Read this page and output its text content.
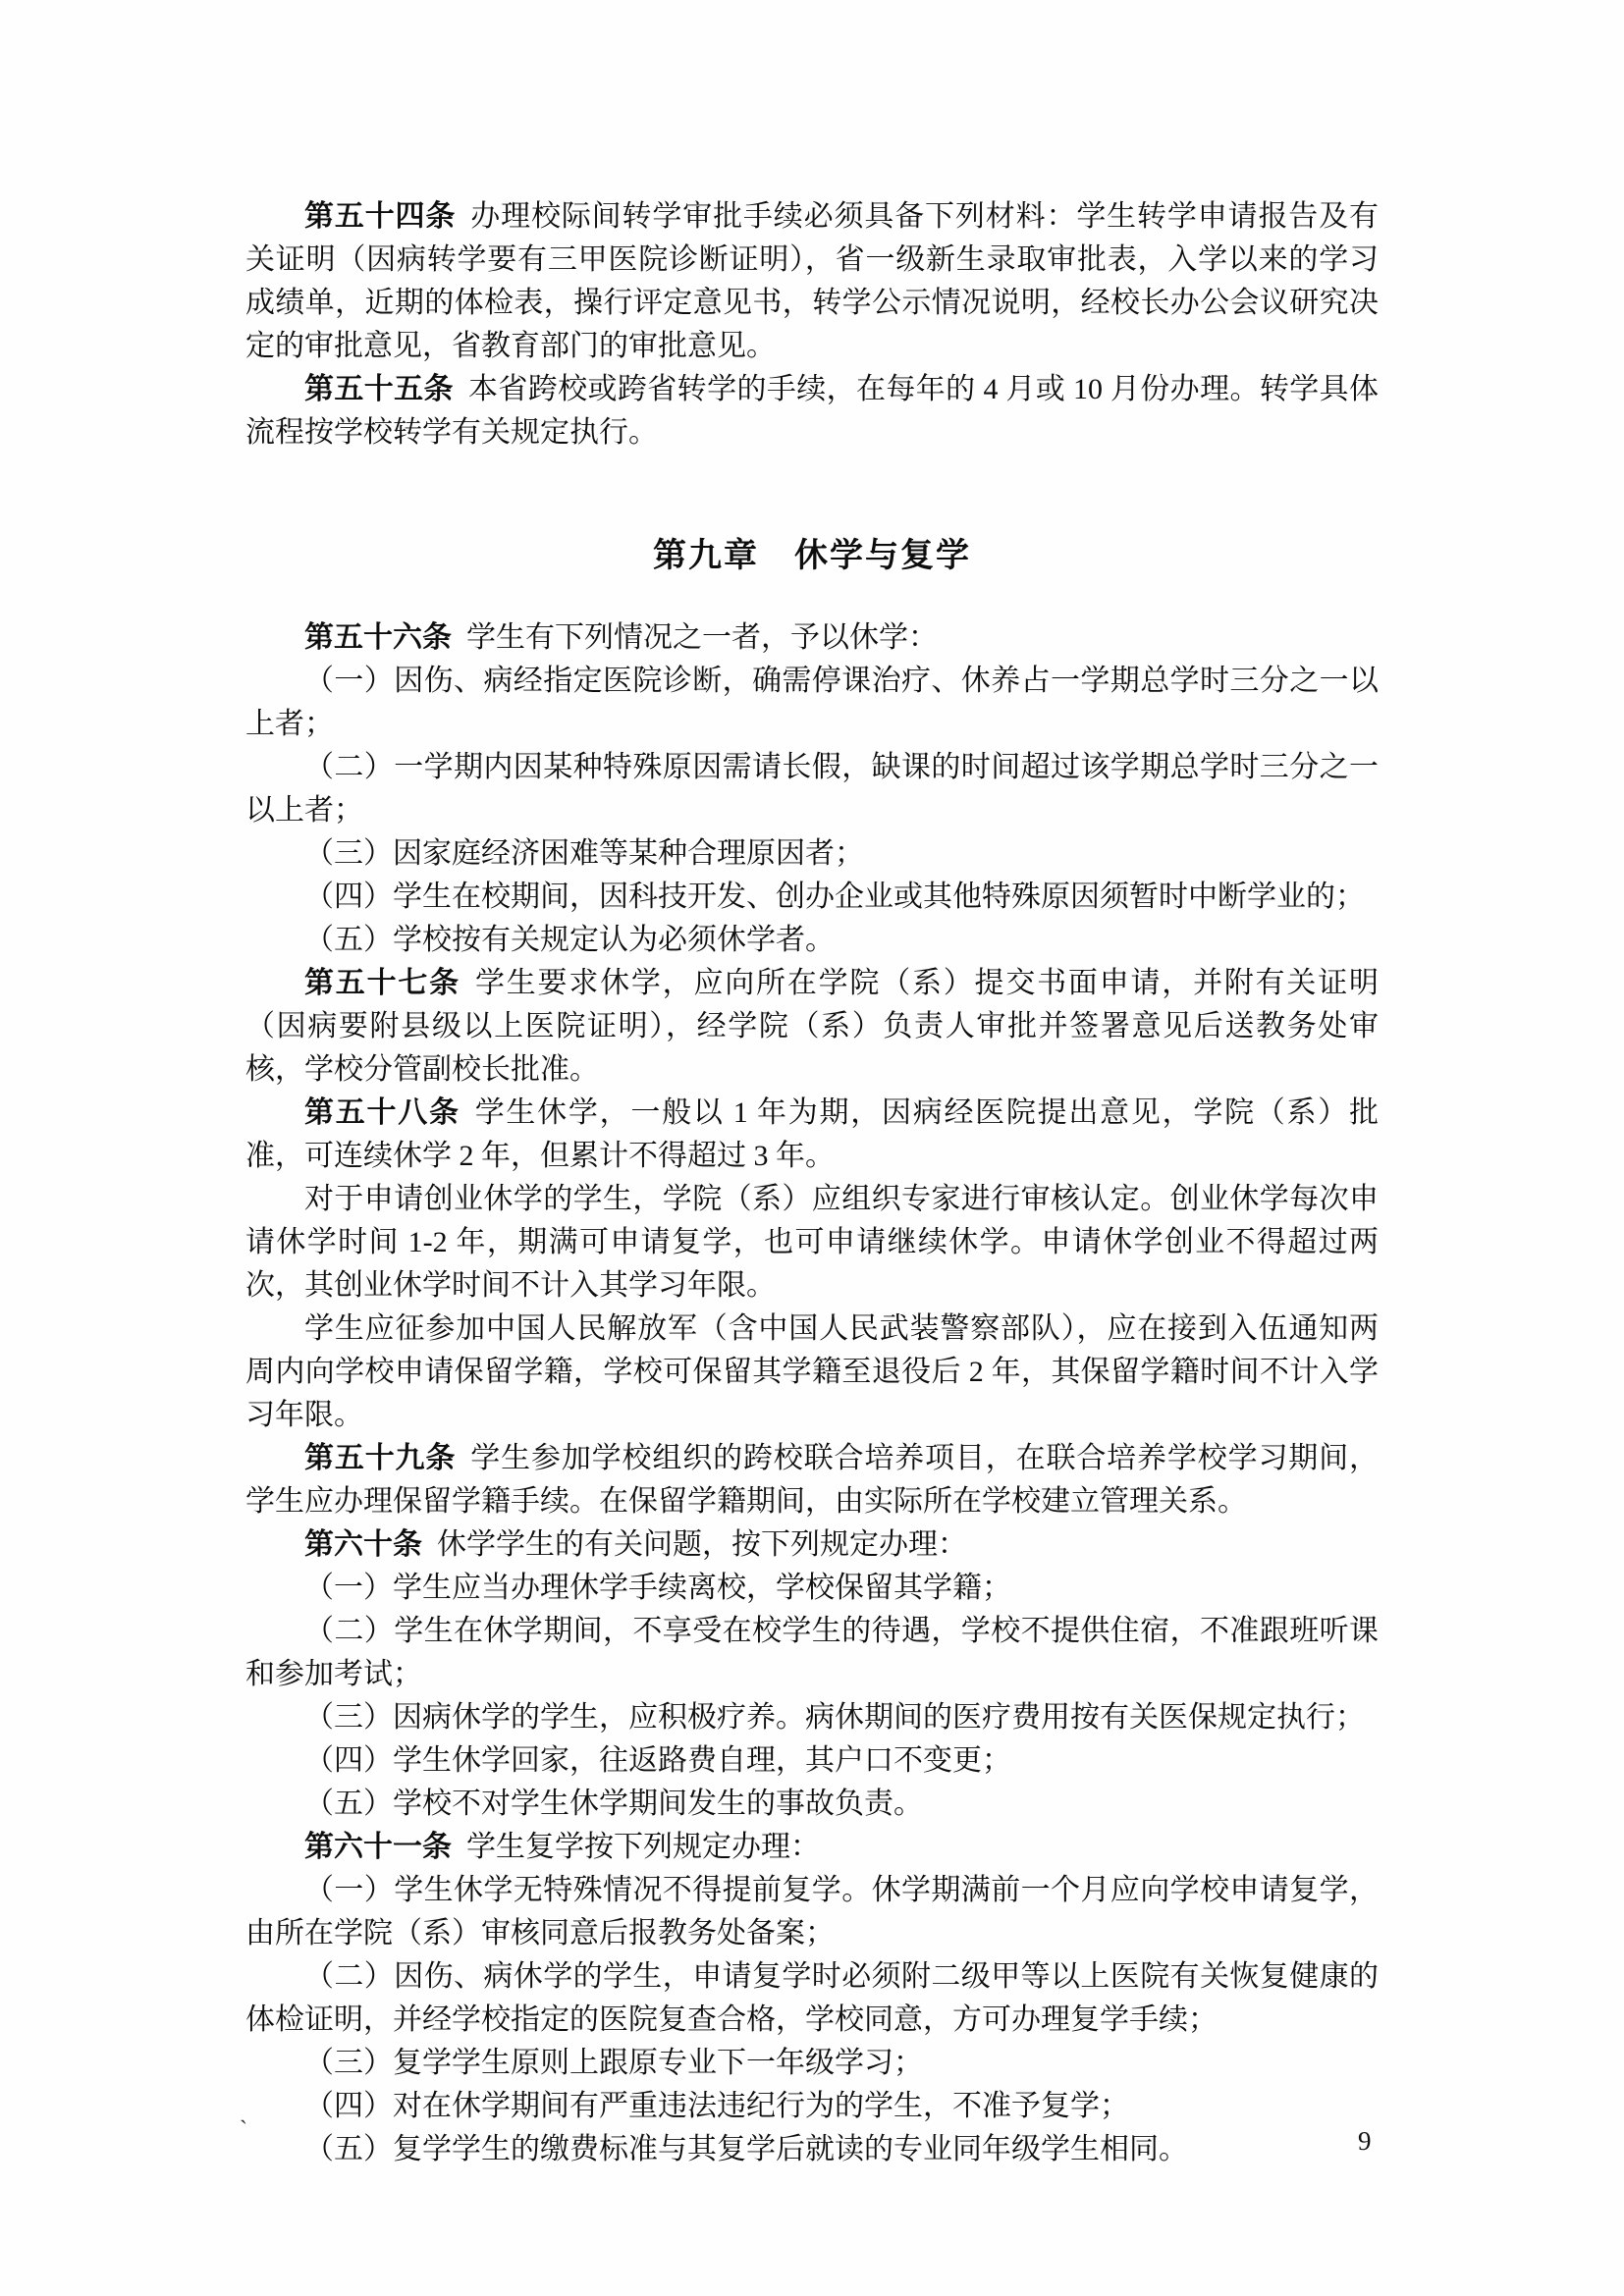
第五十四条 办理校际间转学审批手续必须具备下列材料：学生转学申请报告及有关证明（因病转学要有三甲医院诊断证明），省一级新生录取审批表，入学以来的学习成绩单，近期的体检表，操行评定意见书，转学公示情况说明，经校长办公会议研究决定的审批意见，省教育部门的审批意见。

第五十五条 本省跨校或跨省转学的手续，在每年的 4 月或 10 月份办理。转学具体流程按学校转学有关规定执行。

第九章　休学与复学

第五十六条 学生有下列情况之一者，予以休学：

（一）因伤、病经指定医院诊断，确需停课治疗、休养占一学期总学时三分之一以上者；

（二）一学期内因某种特殊原因需请长假，缺课的时间超过该学期总学时三分之一以上者；

（三）因家庭经济困难等某种合理原因者；

（四）学生在校期间，因科技开发、创办企业或其他特殊原因须暂时中断学业的；

（五）学校按有关规定认为必须休学者。

第五十七条 学生要求休学，应向所在学院（系）提交书面申请，并附有关证明（因病要附县级以上医院证明），经学院（系）负责人审批并签署意见后送教务处审核，学校分管副校长批准。

第五十八条 学生休学，一般以 1 年为期，因病经医院提出意见，学院（系）批准，可连续休学 2 年，但累计不得超过 3 年。

对于申请创业休学的学生，学院（系）应组织专家进行审核认定。创业休学每次申请休学时间 1-2 年，期满可申请复学，也可申请继续休学。申请休学创业不得超过两次，其创业休学时间不计入其学习年限。

学生应征参加中国人民解放军（含中国人民武装警察部队），应在接到入伍通知两周内向学校申请保留学籍，学校可保留其学籍至退役后 2 年，其保留学籍时间不计入学习年限。

第五十九条 学生参加学校组织的跨校联合培养项目，在联合培养学校学习期间，学生应办理保留学籍手续。在保留学籍期间，由实际所在学校建立管理关系。

第六十条 休学学生的有关问题，按下列规定办理：

（一）学生应当办理休学手续离校，学校保留其学籍；

（二）学生在休学期间，不享受在校学生的待遇，学校不提供住宿，不准跟班听课和参加考试；

（三）因病休学的学生，应积极疗养。病休期间的医疗费用按有关医保规定执行；

（四）学生休学回家，往返路费自理，其户口不变更；

（五）学校不对学生休学期间发生的事故负责。

第六十一条 学生复学按下列规定办理：

（一）学生休学无特殊情况不得提前复学。休学期满前一个月应向学校申请复学，由所在学院（系）审核同意后报教务处备案；

（二）因伤、病休学的学生，申请复学时必须附二级甲等以上医院有关恢复健康的体检证明，并经学校指定的医院复查合格，学校同意，方可办理复学手续；

（三）复学学生原则上跟原专业下一年级学习；

（四）对在休学期间有严重违法违纪行为的学生，不准予复学；

（五）复学学生的缴费标准与其复学后就读的专业同年级学生相同。

`	9
